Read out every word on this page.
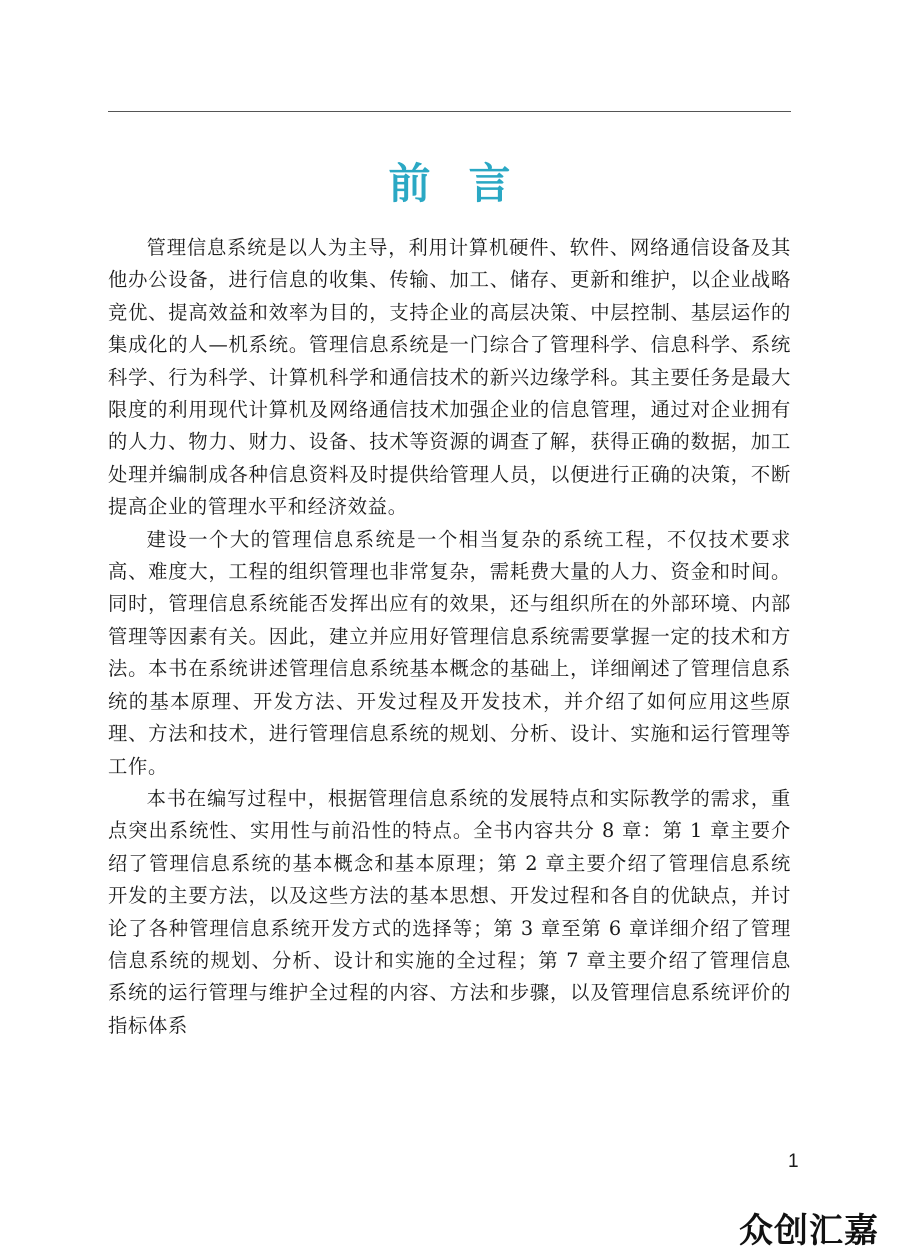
前言

管理信息系统是以人为主导，利用计算机硬件、软件、网络通信设备及其他办公设备，进行信息的收集、传输、加工、储存、更新和维护，以企业战略竞优、提高效益和效率为目的，支持企业的高层决策、中层控制、基层运作的集成化的人—机系统。管理信息系统是一门综合了管理科学、信息科学、系统科学、行为科学、计算机科学和通信技术的新兴边缘学科。其主要任务是最大限度的利用现代计算机及网络通信技术加强企业的信息管理，通过对企业拥有的人力、物力、财力、设备、技术等资源的调查了解，获得正确的数据，加工处理并编制成各种信息资料及时提供给管理人员，以便进行正确的决策，不断提高企业的管理水平和经济效益。

建设一个大的管理信息系统是一个相当复杂的系统工程，不仅技术要求高、难度大，工程的组织管理也非常复杂，需耗费大量的人力、资金和时间。同时，管理信息系统能否发挥出应有的效果，还与组织所在的外部环境、内部管理等因素有关。因此，建立并应用好管理信息系统需要掌握一定的技术和方法。本书在系统讲述管理信息系统基本概念的基础上，详细阐述了管理信息系统的基本原理、开发方法、开发过程及开发技术，并介绍了如何应用这些原理、方法和技术，进行管理信息系统的规划、分析、设计、实施和运行管理等工作。

本书在编写过程中，根据管理信息系统的发展特点和实际教学的需求，重点突出系统性、实用性与前沿性的特点。全书内容共分 8 章：第 1 章主要介绍了管理信息系统的基本概念和基本原理；第 2 章主要介绍了管理信息系统开发的主要方法，以及这些方法的基本思想、开发过程和各自的优缺点，并讨论了各种管理信息系统开发方式的选择等；第 3 章至第 6 章详细介绍了管理信息系统的规划、分析、设计和实施的全过程；第 7 章主要介绍了管理信息系统的运行管理与维护全过程的内容、方法和步骤，以及管理信息系统评价的指标体系

1
众创汇嘉
